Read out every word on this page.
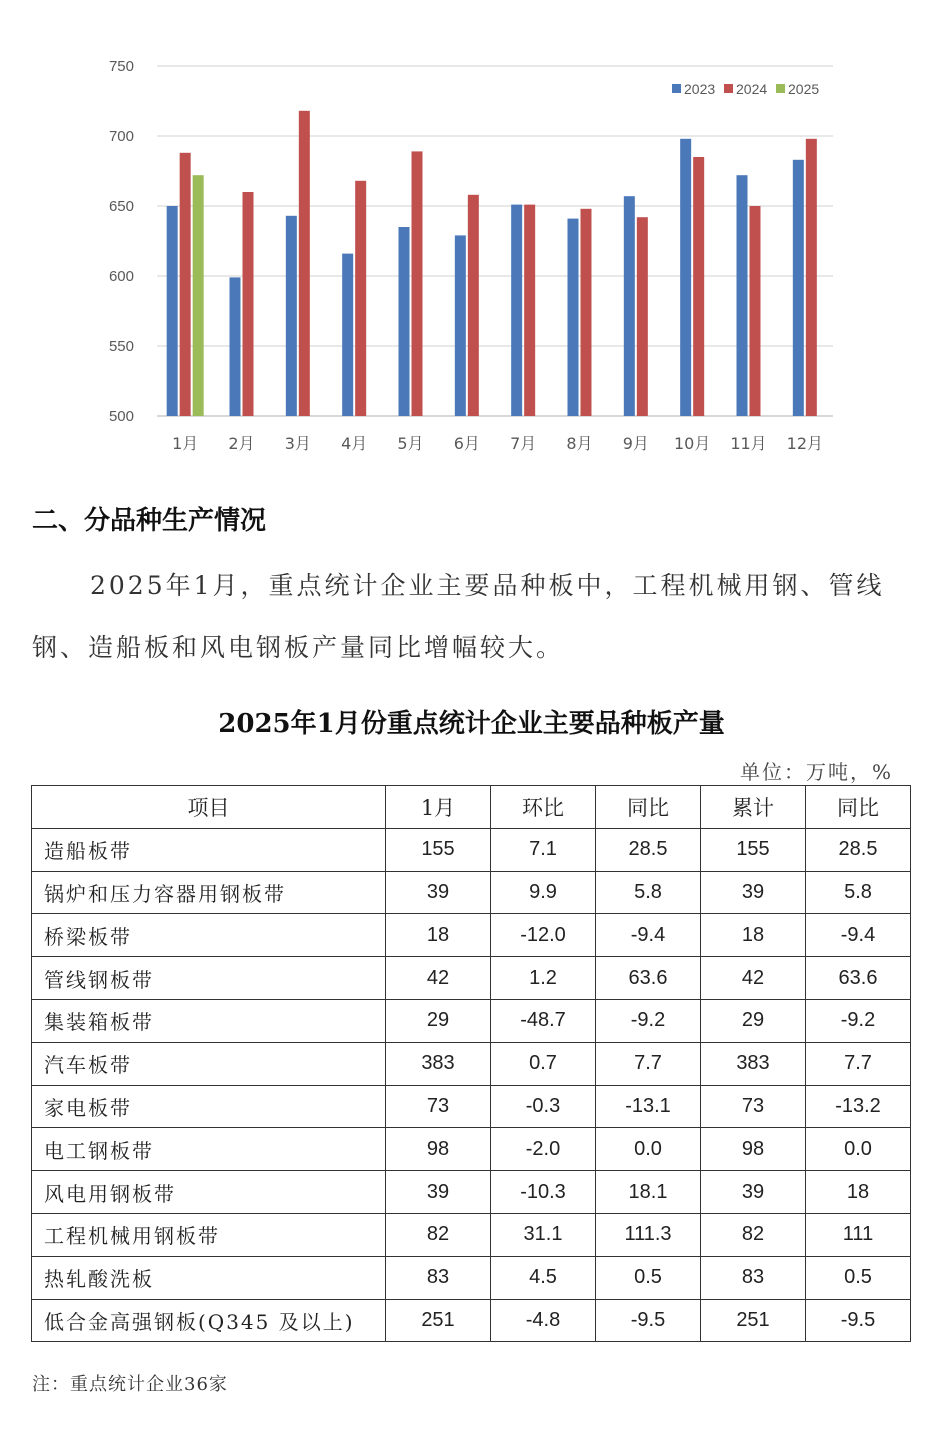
500
550
600
650
700
750
1月 2月 3月 4月 5月 6月 7月 8月 9月 10月 11月 12月
2023 2024 2025
二、分品种生产情况
2025年1月，重点统计企业主要品种板中，工程机械用钢、管线钢、造船板和风电钢板产量同比增幅较大。
2025年1月份重点统计企业主要品种板产量
单位：万吨，%
项目	1月	环比	同比	累计	同比
造船板带	155	7.1	28.5	155	28.5
锅炉和压力容器用钢板带	39	9.9	5.8	39	5.8
桥梁板带	18	-12.0	-9.4	18	-9.4
管线钢板带	42	1.2	63.6	42	63.6
集装箱板带	29	-48.7	-9.2	29	-9.2
汽车板带	383	0.7	7.7	383	7.7
家电板带	73	-0.3	-13.1	73	-13.2
电工钢板带	98	-2.0	0.0	98	0.0
风电用钢板带	39	-10.3	18.1	39	18
工程机械用钢板带	82	31.1	111.3	82	111
热轧酸洗板	83	4.5	0.5	83	0.5
低合金高强钢板(Q345 及以上)	251	-4.8	-9.5	251	-9.5
注：重点统计企业36家
